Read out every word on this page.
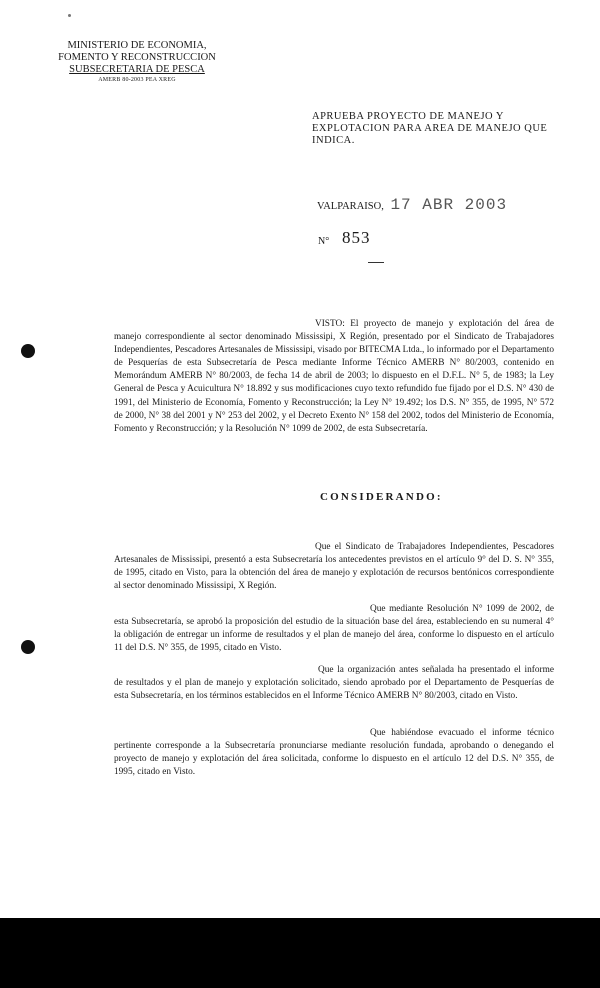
MINISTERIO DE ECONOMIA,
FOMENTO Y RECONSTRUCCION
SUBSECRETARIA DE PESCA
AMERB 80-2003 PEA XREG
APRUEBA PROYECTO DE MANEJO Y EXPLOTACION PARA AREA DE MANEJO QUE INDICA.
VALPARAISO, 17 ABR 2003
N° 853
VISTO: El proyecto de manejo y explotación del área de manejo correspondiente al sector denominado Mississipi, X Región, presentado por el Sindicato de Trabajadores Independientes, Pescadores Artesanales de Mississipi, visado por BITECMA Ltda., lo informado por el Departamento de Pesquerías de esta Subsecretaría de Pesca mediante Informe Técnico AMERB N° 80/2003, contenido en Memorándum AMERB N° 80/2003, de fecha 14 de abril de 2003; lo dispuesto en el D.F.L. N° 5, de 1983; la Ley General de Pesca y Acuicultura N° 18.892 y sus modificaciones cuyo texto refundido fue fijado por el D.S. N° 430 de 1991, del Ministerio de Economía, Fomento y Reconstrucción; la Ley N° 19.492; los D.S. N° 355, de 1995, N° 572 de 2000, N° 38 del 2001 y N° 253 del 2002, y el Decreto Exento N° 158 del 2002, todos del Ministerio de Economía, Fomento y Reconstrucción; y la Resolución N° 1099 de 2002, de esta Subsecretaría.
CONSIDERANDO:
Que el Sindicato de Trabajadores Independientes, Pescadores Artesanales de Mississipi, presentó a esta Subsecretaría los antecedentes previstos en el artículo 9° del D. S. N° 355, de 1995, citado en Visto, para la obtención del área de manejo y explotación de recursos bentónicos correspondiente al sector denominado Mississipi, X Región.
Que mediante Resolución N° 1099 de 2002, de esta Subsecretaría, se aprobó la proposición del estudio de la situación base del área, estableciendo en su numeral 4° la obligación de entregar un informe de resultados y el plan de manejo del área, conforme lo dispuesto en el artículo 11 del D.S. N° 355, de 1995, citado en Visto.
Que la organización antes señalada ha presentado el informe de resultados y el plan de manejo y explotación solicitado, siendo aprobado por el Departamento de Pesquerías de esta Subsecretaría, en los términos establecidos en el Informe Técnico AMERB N° 80/2003, citado en Visto.
Que habiéndose evacuado el informe técnico pertinente corresponde a la Subsecretaría pronunciarse mediante resolución fundada, aprobando o denegando el proyecto de manejo y explotación del área solicitada, conforme lo dispuesto en el artículo 12 del D.S. N° 355, de 1995, citado en Visto.
